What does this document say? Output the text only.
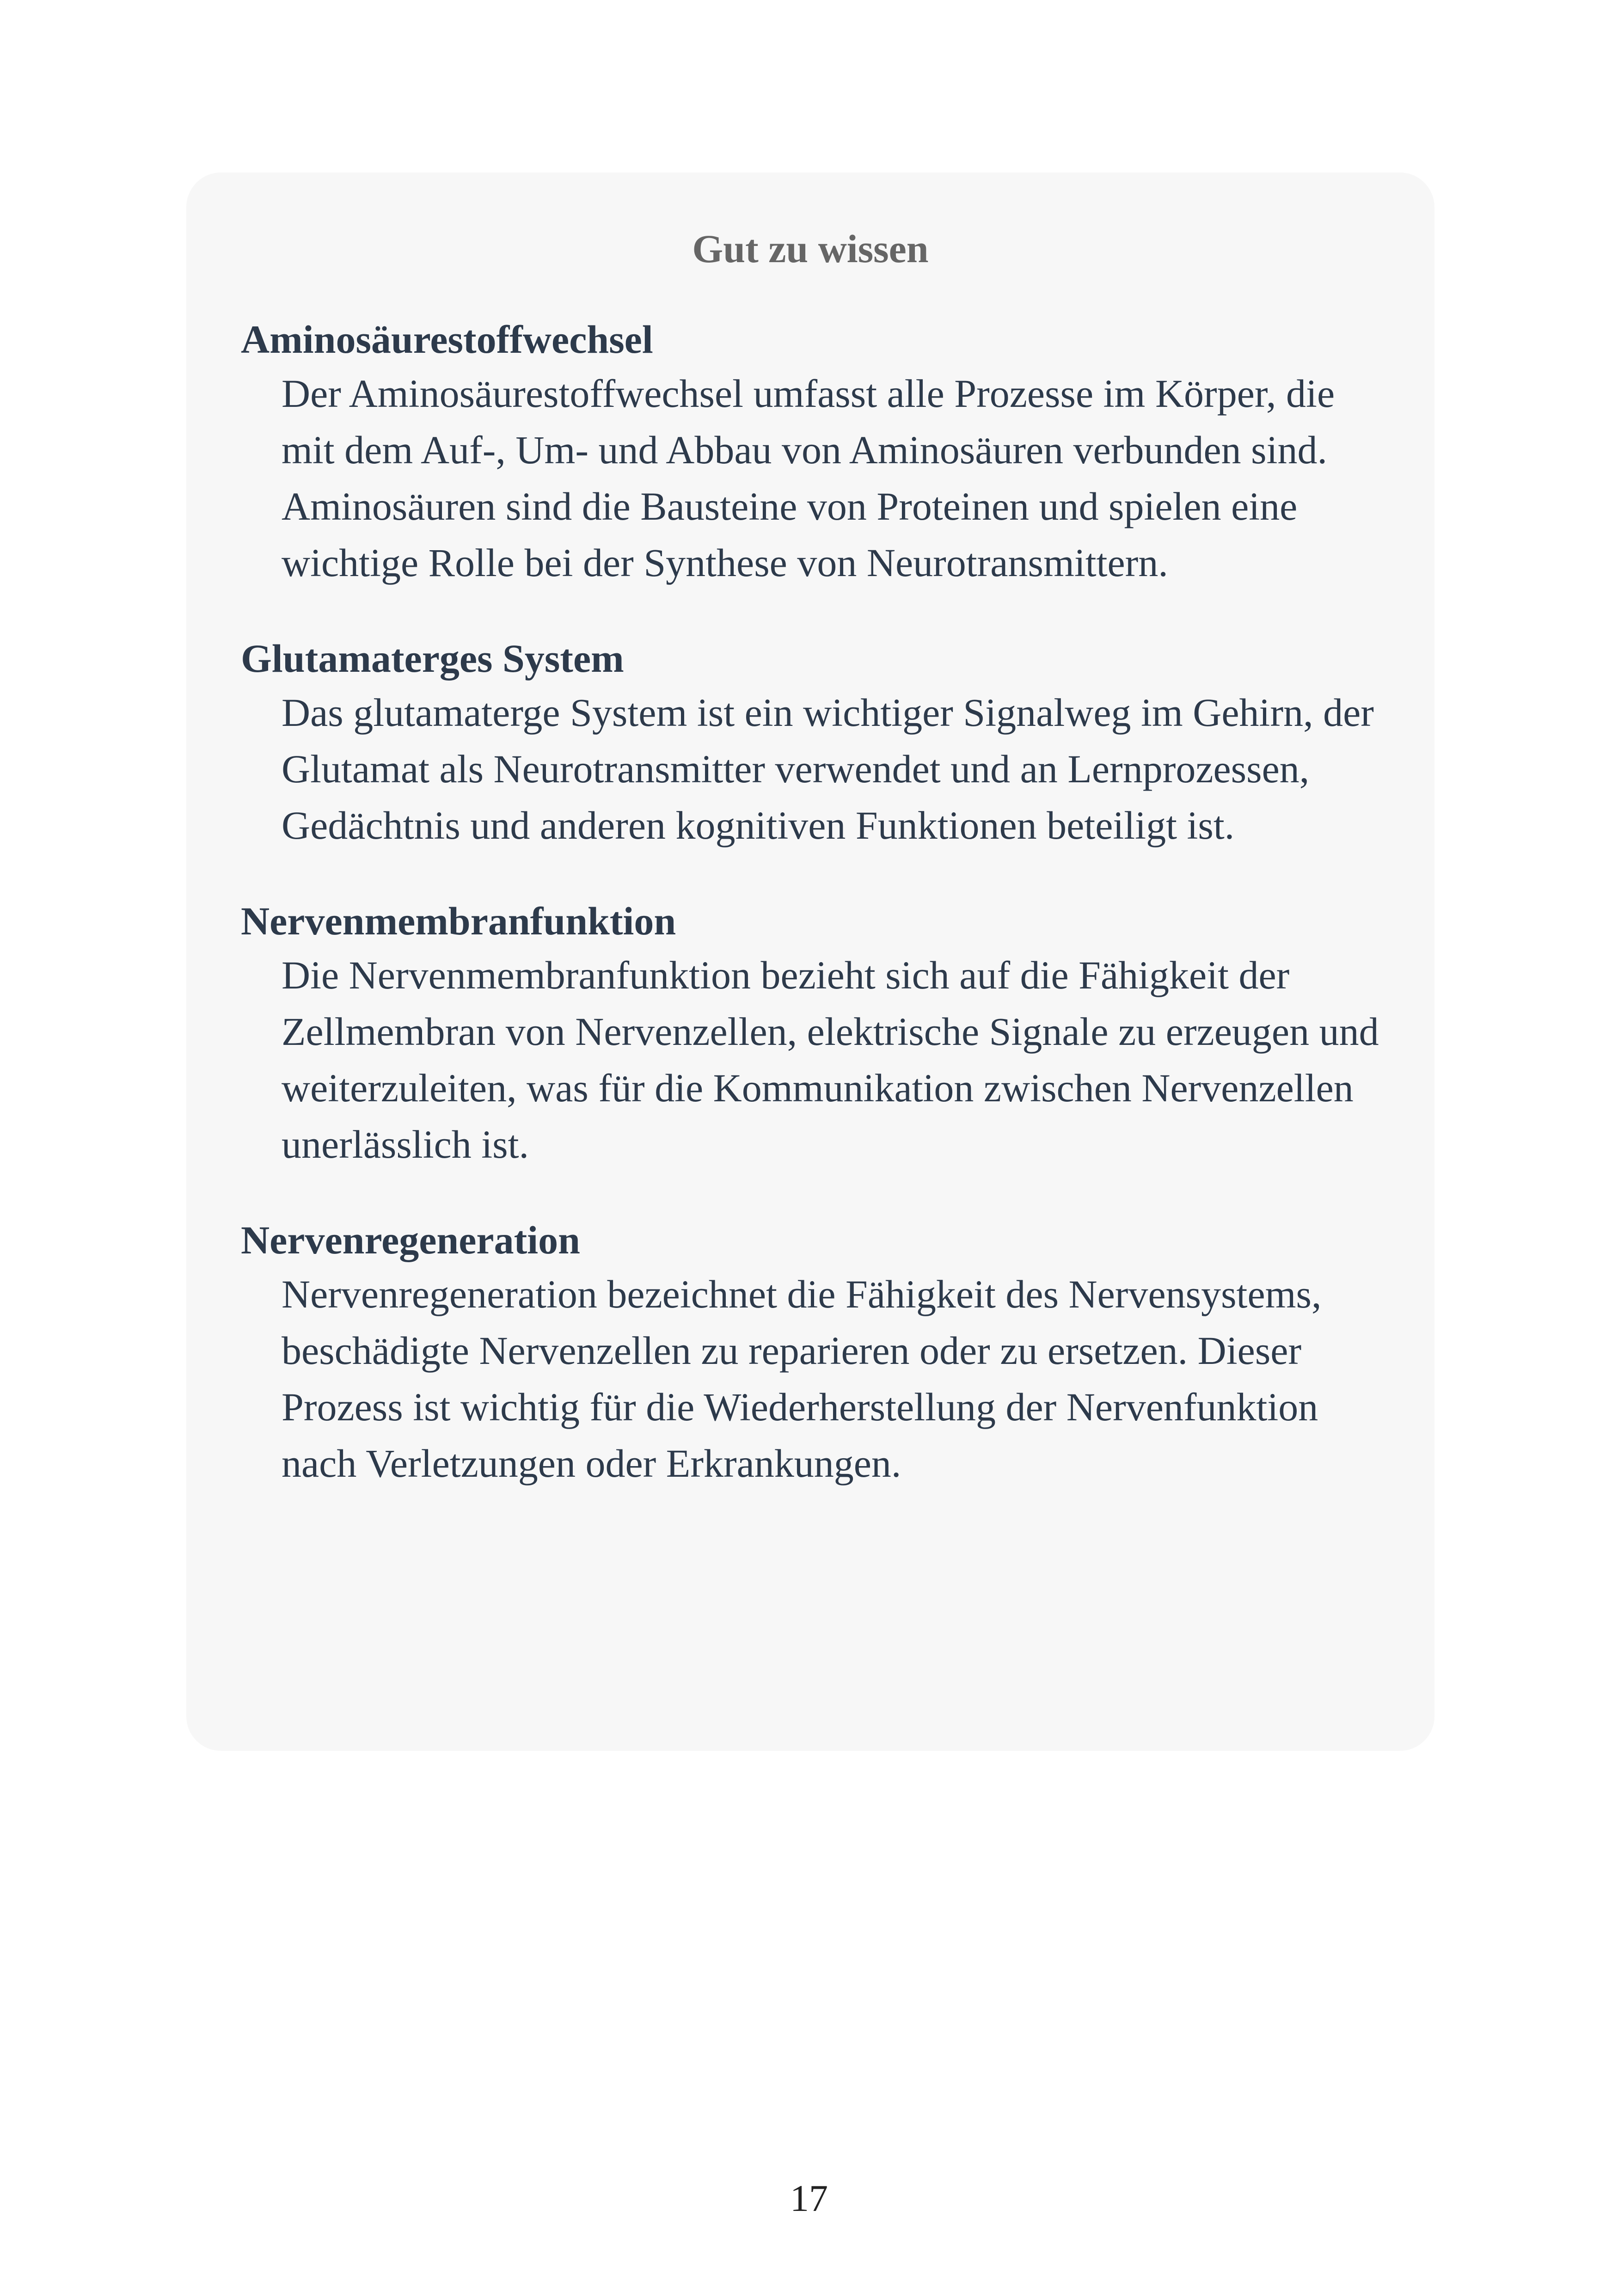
Gut zu wissen

Aminosäurestoffwechsel

Der Aminosäurestoffwechsel umfasst alle Prozesse im Körper, die mit dem Auf-, Um- und Abbau von Aminosäuren verbunden sind. Aminosäuren sind die Bausteine von Proteinen und spielen eine wichtige Rolle bei der Synthese von Neurotransmittern.

Glutamaterges System

Das glutamaterge System ist ein wichtiger Signalweg im Gehirn, der Glutamat als Neurotransmitter verwendet und an Lernprozessen, Gedächtnis und anderen kognitiven Funktionen beteiligt ist.

Nervenmembranfunktion

Die Nervenmembranfunktion bezieht sich auf die Fähigkeit der Zellmembran von Nervenzellen, elektrische Signale zu erzeugen und weiterzuleiten, was für die Kommunikation zwischen Nervenzellen unerlässlich ist.

Nervenregeneration

Nervenregeneration bezeichnet die Fähigkeit des Nervensystems, beschädigte Nervenzellen zu reparieren oder zu ersetzen. Dieser Prozess ist wichtig für die Wiederherstellung der Nervenfunktion nach Verletzungen oder Erkrankungen.

17
